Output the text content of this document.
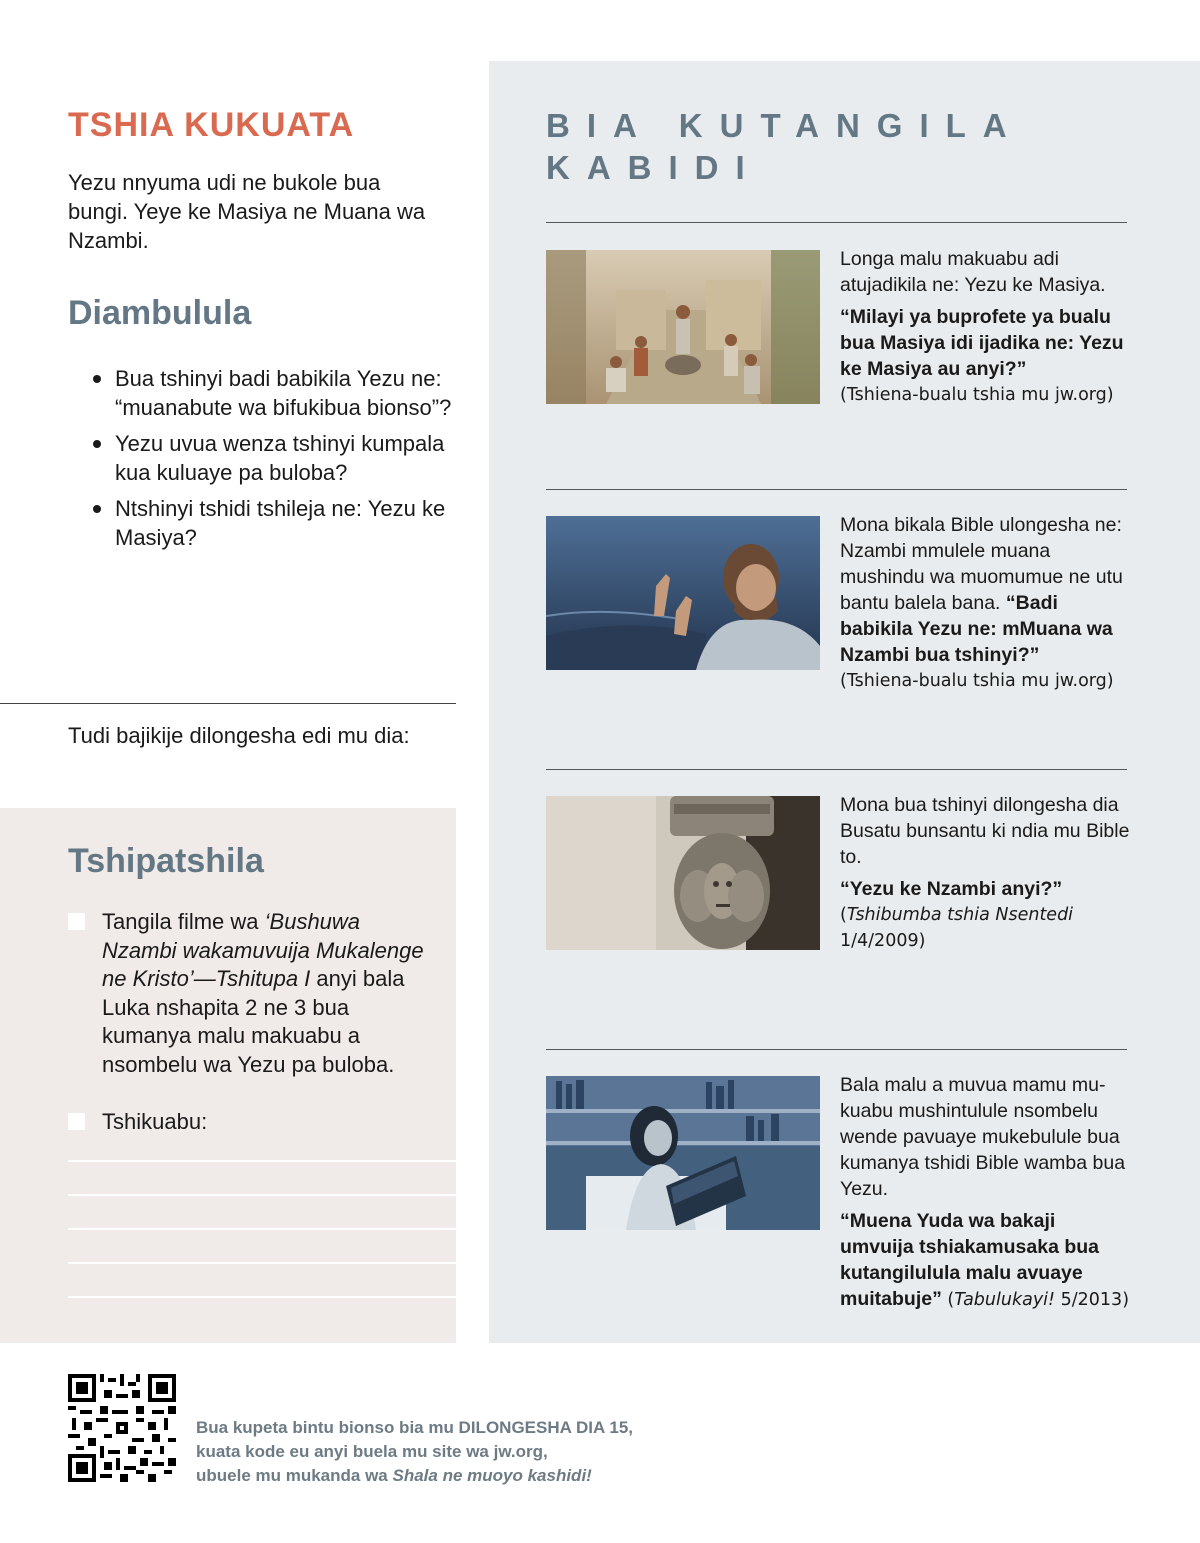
TSHIA KUKUATA
Yezu nnyuma udi ne bukole bua bungi. Yeye ke Masiya ne Muana wa Nzambi.
Diambulula
Bua tshinyi badi babikila Yezu ne: “muanabute wa bifukibua bionso”?
Yezu uvua wenza tshinyi kumpala kua kuluaye pa buloba?
Ntshinyi tshidi tshileja ne: Yezu ke Masiya?
Tudi bajikije dilongesha edi mu dia:
Tshipatshila
Tangila filme wa ‘Bushuwa Nzambi wakamuvuija Mukalenge ne Kristo’—Tshitupa I anyi bala Luka nshapita 2 ne 3 bua kumanya malu makuabu a nsombelu wa Yezu pa buloba.
Tshikuabu:
BIA KUTANGILA KABIDI

Longa malu makuabu adi atujadikila ne: Yezu ke Masiya.

“Milayi ya buprofete ya bualu bua Masiya idi ijadika ne: Yezu ke Masiya au anyi?”

(Tshiena-bualu tshia mu jw.org)

Mona bikala Bible ulongesha ne: Nzambi mmulele muana mushindu wa muomumue ne utu bantu balela bana. “Badi babikila Yezu ne: mMuana wa Nzambi bua tshinyi?”

(Tshiena-bualu tshia mu jw.org)

Mona bua tshinyi dilongesha dia Busatu bunsantu ki ndia mu Bible to.

“Yezu ke Nzambi anyi?”

(Tshibumba tshia Nsentedi 1/4/2009)

Bala malu a muvua mamu mukuabu mushintulule nsombelu wende pavuaye mukebulule bua kumanya tshidi Bible wamba bua Yezu.

“Muena Yuda wa bakaji umvuija tshiakamusaka bua kutangilulula malu avuaye muitabuje” (Tabulukayi! 5/2013)

Bua kupeta bintu bionso bia mu DILONGESHA DIA 15,
kuata kode eu anyi buela mu site wa jw.org,
ubuele mu mukanda wa Shala ne muoyo kashidi!
